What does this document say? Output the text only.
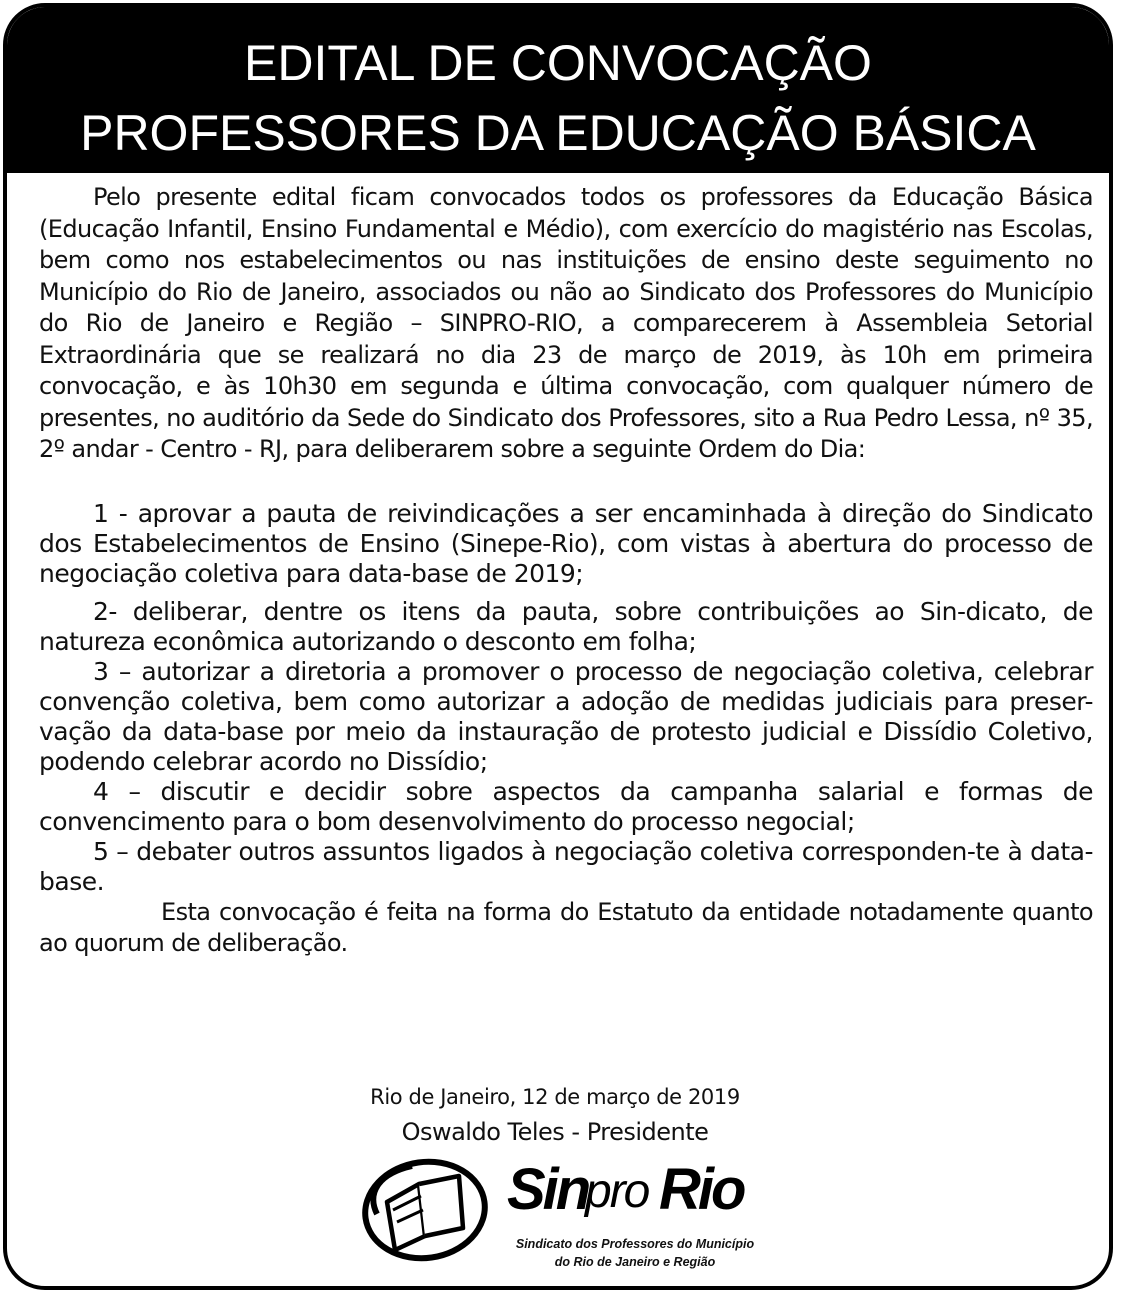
EDITAL DE CONVOCAÇÃO
PROFESSORES DA EDUCAÇÃO BÁSICA

Pelo presente edital ficam convocados todos os professores da Educação Básica (Educação Infantil, Ensino Fundamental e Médio), com exercício do magistério nas Escolas, bem como nos estabelecimentos ou nas instituições de ensino deste seguimento no Município do Rio de Janeiro, associados ou não ao Sindicato dos Professores do Município do Rio de Janeiro e Região – SINPRO-RIO, a comparecerem à Assembleia Setorial Extraordinária que se realizará no dia 23 de março de 2019, às 10h em primeira convocação, e às 10h30 em segunda e última convocação, com qualquer número de presentes, no auditório da Sede do Sindicato dos Professores, sito a Rua Pedro Lessa, nº 35, 2º andar - Centro - RJ, para deliberarem sobre a seguinte Ordem do Dia:

1 - aprovar a pauta de reivindicações a ser encaminhada à direção do Sindicato dos Estabelecimentos de Ensino (Sinepe-Rio), com vistas à abertura do processo de negociação coletiva para data-base de 2019;

2- deliberar, dentre os itens da pauta, sobre contribuições ao Sin-dicato, de natureza econômica autorizando o desconto em folha;

3 – autorizar a diretoria a promover o processo de negociação coletiva, celebrar convenção coletiva, bem como autorizar a adoção de medidas judiciais para preser-vação da data-base por meio da instauração de protesto judicial e Dissídio Coletivo, podendo celebrar acordo no Dissídio;

4 – discutir e decidir sobre aspectos da campanha salarial e formas de convencimento para o bom desenvolvimento do processo negocial;

5 – debater outros assuntos ligados à negociação coletiva corresponden-te à data-base.

Esta convocação é feita na forma do Estatuto da entidade notadamente quanto ao quorum de deliberação.

Rio de Janeiro, 12 de março de 2019
Oswaldo Teles - Presidente
Sin
pro Rio
Sindicato dos Professores do Município
do Rio de Janeiro e Região
